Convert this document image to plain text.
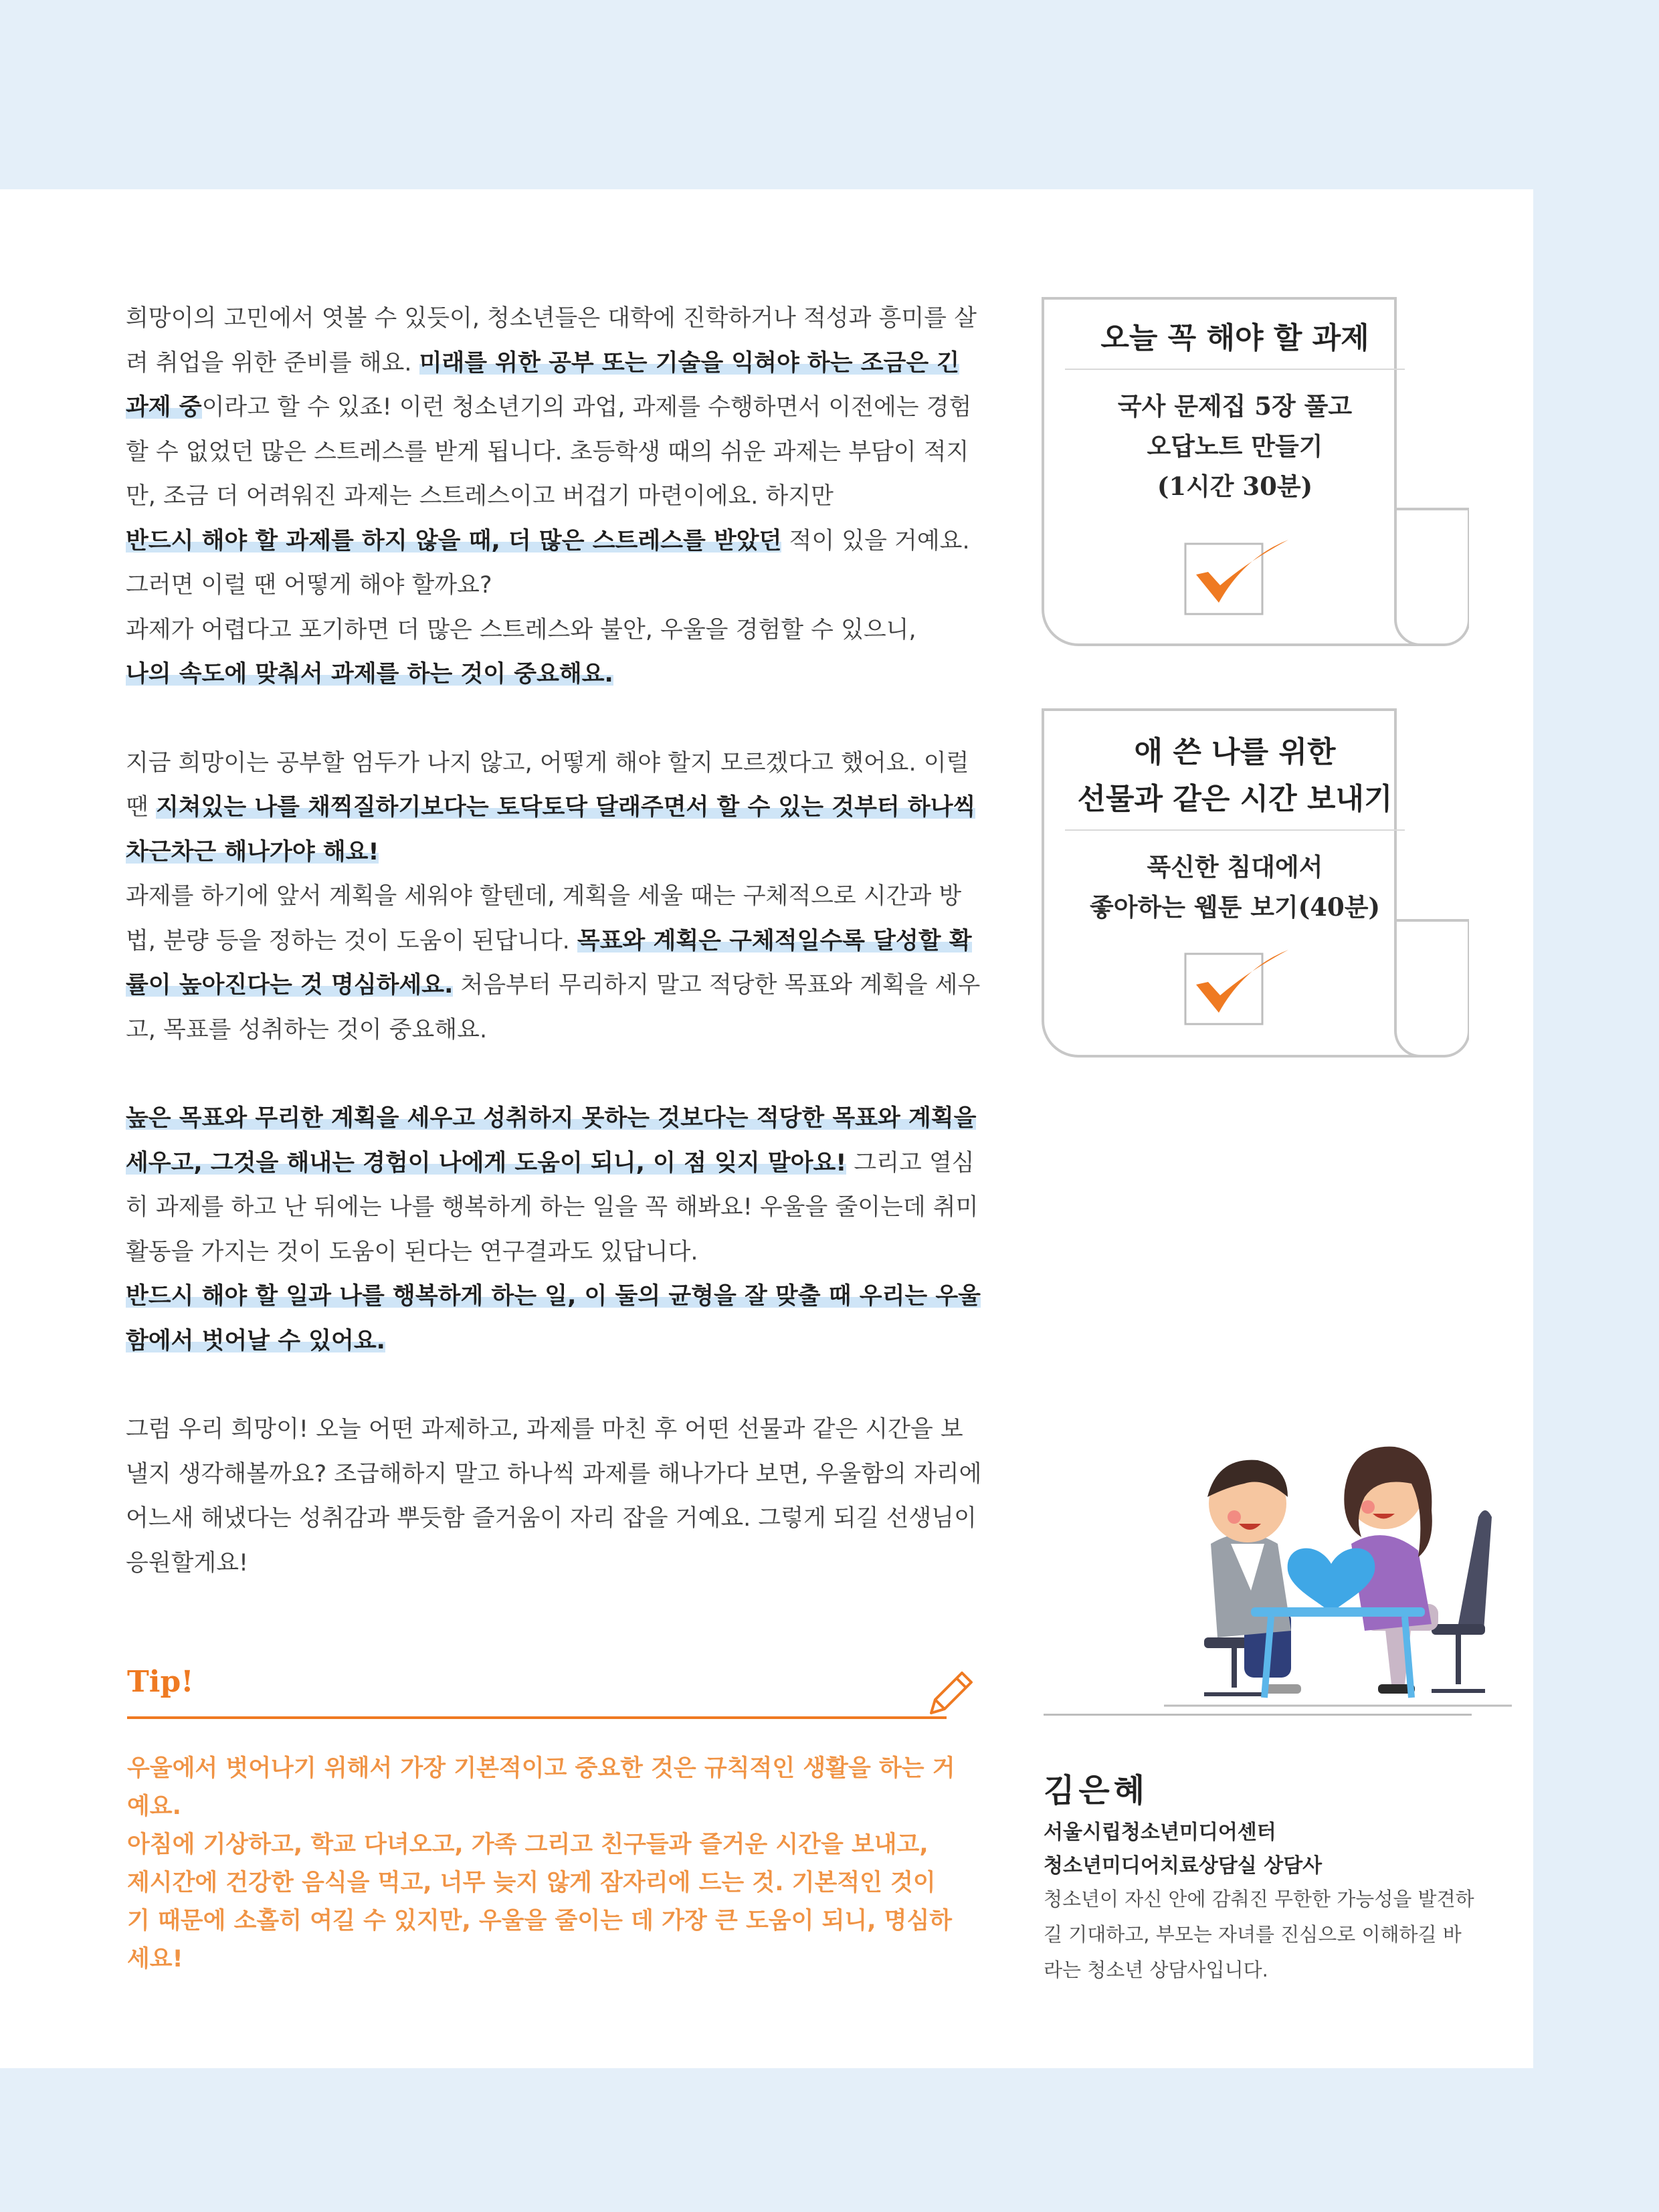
희망이의 고민에서 엿볼 수 있듯이, 청소년들은 대학에 진학하거나 적성과 흥미를 살려 취업을 위한 준비를 해요. 미래를 위한 공부 또는 기술을 익혀야 하는 조금은 긴 과제 중이라고 할 수 있죠! 이런 청소년기의 과업, 과제를 수행하면서 이전에는 경험할 수 없었던 많은 스트레스를 받게 됩니다. 초등학생 때의 쉬운 과제는 부담이 적지만, 조금 더 어려워진 과제는 스트레스이고 버겁기 마련이에요. 하지만

반드시 해야 할 과제를 하지 않을 때, 더 많은 스트레스를 받았던 적이 있을 거예요.

그러면 이럴 땐 어떻게 해야 할까요?

과제가 어렵다고 포기하면 더 많은 스트레스와 불안, 우울을 경험할 수 있으니,

나의 속도에 맞춰서 과제를 하는 것이 중요해요.

지금 희망이는 공부할 엄두가 나지 않고, 어떻게 해야 할지 모르겠다고 했어요. 이럴 땐 지쳐있는 나를 채찍질하기보다는 토닥토닥 달래주면서 할 수 있는 것부터 하나씩 차근차근 해나가야 해요!

과제를 하기에 앞서 계획을 세워야 할텐데, 계획을 세울 때는 구체적으로 시간과 방법, 분량 등을 정하는 것이 도움이 된답니다. 목표와 계획은 구체적일수록 달성할 확률이 높아진다는 것 명심하세요. 처음부터 무리하지 말고 적당한 목표와 계획을 세우고, 목표를 성취하는 것이 중요해요.

높은 목표와 무리한 계획을 세우고 성취하지 못하는 것보다는 적당한 목표와 계획을 세우고, 그것을 해내는 경험이 나에게 도움이 되니, 이 점 잊지 말아요! 그리고 열심히 과제를 하고 난 뒤에는 나를 행복하게 하는 일을 꼭 해봐요! 우울을 줄이는데 취미활동을 가지는 것이 도움이 된다는 연구결과도 있답니다.

반드시 해야 할 일과 나를 행복하게 하는 일, 이 둘의 균형을 잘 맞출 때 우리는 우울함에서 벗어날 수 있어요.

그럼 우리 희망이! 오늘 어떤 과제하고, 과제를 마친 후 어떤 선물과 같은 시간을 보낼지 생각해볼까요? 조급해하지 말고 하나씩 과제를 해나가다 보면, 우울함의 자리에 어느새 해냈다는 성취감과 뿌듯함 즐거움이 자리 잡을 거예요. 그렇게 되길 선생님이 응원할게요!

오늘 꼭 해야 할 과제
국사 문제집 5장 풀고
오답노트 만들기
(1시간 30분)
애 쓴 나를 위한
선물과 같은 시간 보내기
푹신한 침대에서
좋아하는 웹툰 보기(40분)
Tip!

우울에서 벗어나기 위해서 가장 기본적이고 중요한 것은 규칙적인 생활을 하는 거예요.

아침에 기상하고, 학교 다녀오고, 가족 그리고 친구들과 즐거운 시간을 보내고, 제시간에 건강한 음식을 먹고, 너무 늦지 않게 잠자리에 드는 것. 기본적인 것이기 때문에 소홀히 여길 수 있지만, 우울을 줄이는 데 가장 큰 도움이 되니, 명심하세요!

김은혜
서울시립청소년미디어센터
청소년미디어치료상담실 상담사
청소년이 자신 안에 감춰진 무한한 가능성을 발견하길 기대하고, 부모는 자녀를 진심으로 이해하길 바라는 청소년 상담사입니다.
